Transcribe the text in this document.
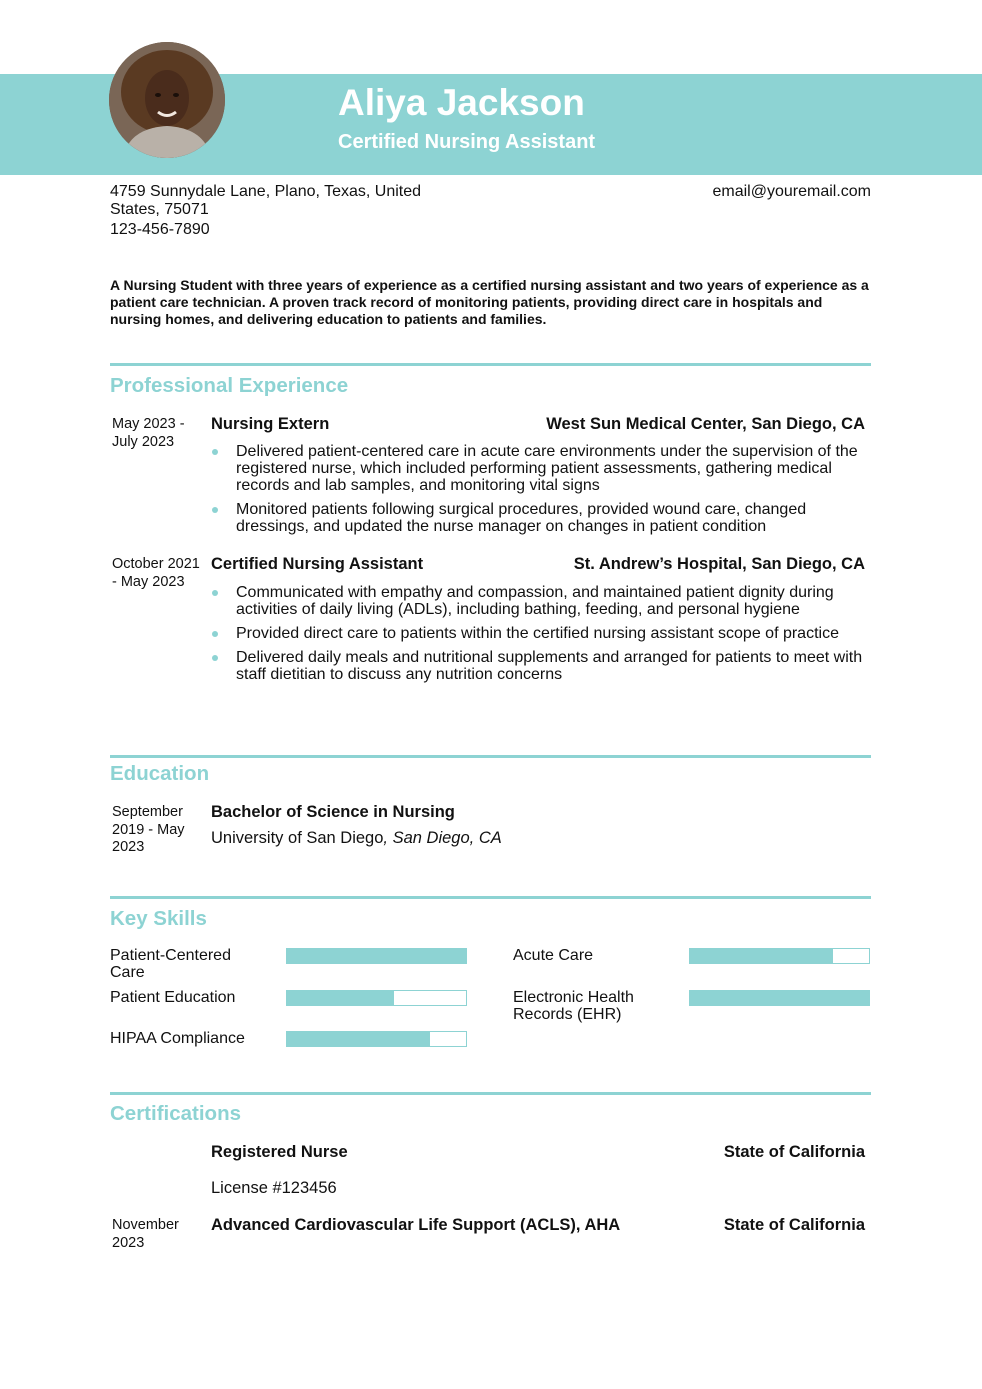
Aliya Jackson
Certified Nursing Assistant
4759 Sunnydale Lane, Plano, Texas, United States, 75071
123-456-7890
email@youremail.com
A Nursing Student with three years of experience as a certified nursing assistant and two years of experience as a patient care technician. A proven track record of monitoring patients, providing direct care in hospitals and nursing homes, and delivering education to patients and families.
Professional Experience
May 2023 - July 2023
Nursing Extern	West Sun Medical Center, San Diego, CA
Delivered patient-centered care in acute care environments under the supervision of the registered nurse, which included performing patient assessments, gathering medical records and lab samples, and monitoring vital signs
Monitored patients following surgical procedures, provided wound care, changed dressings, and updated the nurse manager on changes in patient condition
October 2021 - May 2023
Certified Nursing Assistant	St. Andrew’s Hospital, San Diego, CA
Communicated with empathy and compassion, and maintained patient dignity during activities of daily living (ADLs), including bathing, feeding, and personal hygiene
Provided direct care to patients within the certified nursing assistant scope of practice
Delivered daily meals and nutritional supplements and arranged for patients to meet with staff dietitian to discuss any nutrition concerns
Education
September 2019 - May 2023
Bachelor of Science in Nursing
University of San Diego, San Diego, CA
Key Skills
Patient-Centered Care
Acute Care
Patient Education	Electronic Health Records (EHR)
HIPAA Compliance
Certifications
Registered Nurse	State of California
License #123456
November 2023
Advanced Cardiovascular Life Support (ACLS), AHA	State of California
